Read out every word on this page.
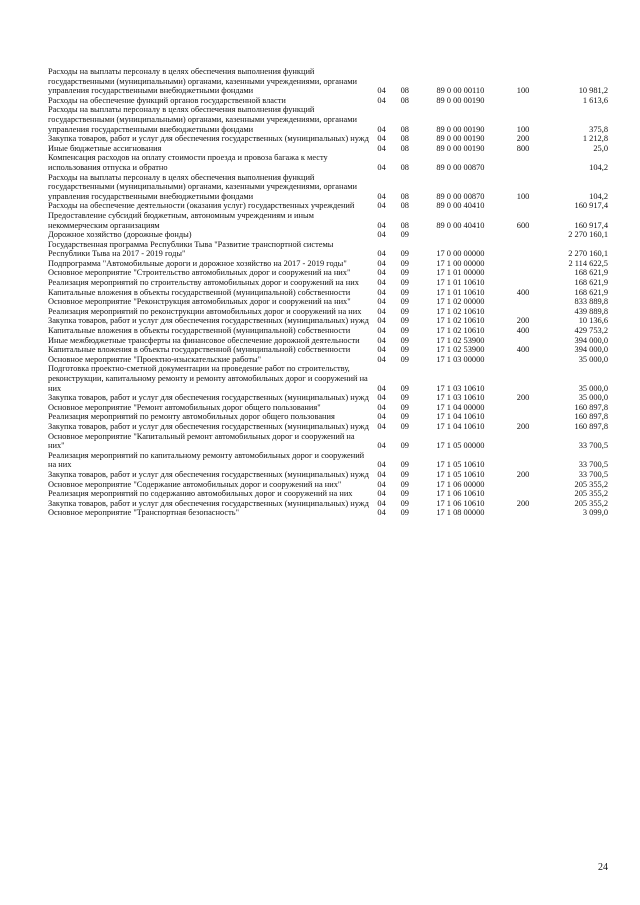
Расходы на выплаты персоналу в целях обеспечения выполнения функций государственными (муниципальными) органами, казенными учреждениями, органами управления государственными внебюджетными фондами	04	08	89 0 00 00110	100	10 981,2
Расходы на обеспечение функций органов государственной власти	04	08	89 0 00 00190		1 613,6
Расходы на выплаты персоналу в целях обеспечения выполнения функций государственными (муниципальными) органами, казенными учреждениями, органами управления государственными внебюджетными фондами	04	08	89 0 00 00190	100	375,8
Закупка товаров, работ и услуг для обеспечения государственных (муниципальных) нужд	04	08	89 0 00 00190	200	1 212,8
Иные бюджетные ассигнования	04	08	89 0 00 00190	800	25,0
Компенсация расходов на оплату стоимости проезда и провоза багажа к месту использования отпуска и обратно	04	08	89 0 00 00870		104,2
Расходы на выплаты персоналу в целях обеспечения выполнения функций государственными (муниципальными) органами, казенными учреждениями, органами управления государственными внебюджетными фондами	04	08	89 0 00 00870	100	104,2
Расходы на обеспечение деятельности (оказания услуг) государственных учреждений	04	08	89 0 00 40410		160 917,4
Предоставление субсидий бюджетным, автономным учреждениям и иным некоммерческим организациям	04	08	89 0 00 40410	600	160 917,4
Дорожное хозяйство (дорожные фонды)	04	09			2 270 160,1
Государственная программа Республики Тыва "Развитие транспортной системы Республики Тыва на 2017 - 2019 годы"	04	09	17 0 00 00000		2 270 160,1
Подпрограмма "Автомобильные дороги и дорожное хозяйство на 2017 - 2019 годы"	04	09	17 1 00 00000		2 114 622,5
Основное мероприятие "Строительство автомобильных дорог и сооружений на них"	04	09	17 1 01 00000		168 621,9
Реализация мероприятий по строительству автомобильных дорог и сооружений на них	04	09	17 1 01 10610		168 621,9
Капитальные вложения в объекты государственной (муниципальной) собственности	04	09	17 1 01 10610	400	168 621,9
Основное мероприятие "Реконструкция автомобильных дорог и сооружений на них"	04	09	17 1 02 00000		833 889,8
Реализация мероприятий по реконструкции автомобильных дорог и сооружений на них	04	09	17 1 02 10610		439 889,8
Закупка товаров, работ и услуг для обеспечения государственных (муниципальных) нужд	04	09	17 1 02 10610	200	10 136,6
Капитальные вложения в объекты государственной (муниципальной) собственности	04	09	17 1 02 10610	400	429 753,2
Иные межбюджетные трансферты на финансовое обеспечение дорожной деятельности	04	09	17 1 02 53900		394 000,0
Капитальные вложения в объекты государственной (муниципальной) собственности	04	09	17 1 02 53900	400	394 000,0
Основное мероприятие "Проектно-изыскательские работы"	04	09	17 1 03 00000		35 000,0
Подготовка проектно-сметной документации на проведение работ по строительству, реконструкции, капитальному ремонту и ремонту автомобильных дорог и сооружений на них	04	09	17 1 03 10610		35 000,0
Закупка товаров, работ и услуг для обеспечения государственных (муниципальных) нужд	04	09	17 1 03 10610	200	35 000,0
Основное мероприятие "Ремонт автомобильных дорог общего пользования"	04	09	17 1 04 00000		160 897,8
Реализация мероприятий по ремонту автомобильных дорог общего пользования	04	09	17 1 04 10610		160 897,8
Закупка товаров, работ и услуг для обеспечения государственных (муниципальных) нужд	04	09	17 1 04 10610	200	160 897,8
Основное мероприятие "Капитальный ремонт автомобильных дорог и сооружений на них"	04	09	17 1 05 00000		33 700,5
Реализация мероприятий по капитальному ремонту автомобильных дорог и сооружений на них	04	09	17 1 05 10610		33 700,5
Закупка товаров, работ и услуг для обеспечения государственных (муниципальных) нужд	04	09	17 1 05 10610	200	33 700,5
Основное мероприятие "Содержание автомобильных дорог и сооружений на них"	04	09	17 1 06 00000		205 355,2
Реализация мероприятий по содержанию автомобильных дорог и сооружений на них	04	09	17 1 06 10610		205 355,2
Закупка товаров, работ и услуг для обеспечения государственных (муниципальных) нужд	04	09	17 1 06 10610	200	205 355,2
Основное мероприятие "Транспортная безопасность"	04	09	17 1 08 00000		3 099,0
24
